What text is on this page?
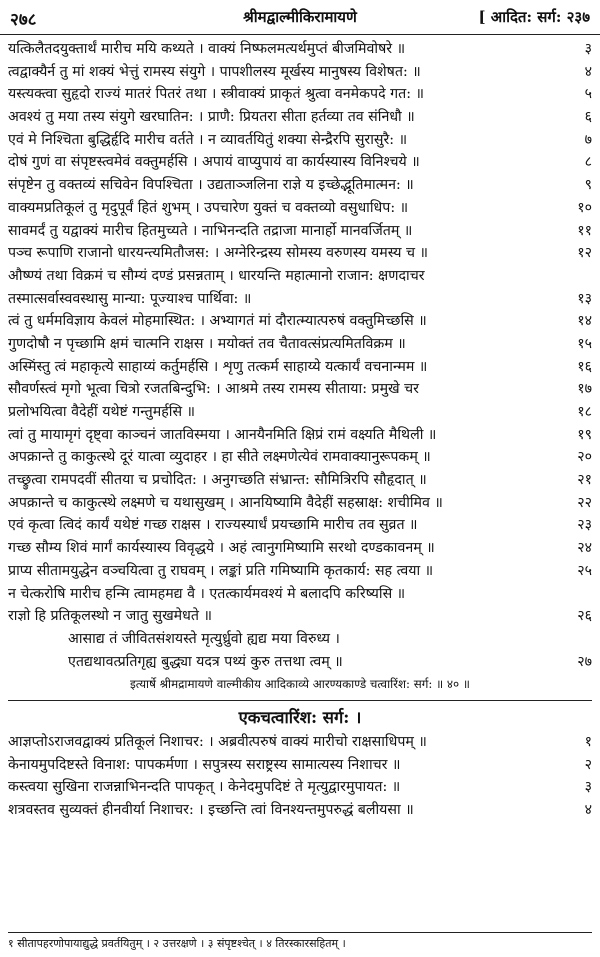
२७८	श्रीमद्वाल्मीकिरामायणे	[ आदित: सर्ग: २३७
यत्किलैतदयुक्तार्थं मारीच मयि कथ्यते । वाक्यं निष्फलमत्यर्थमुप्तं बीजमिवोषरे ॥	३
त्वद्वाक्यैर्न तु मां शक्यं भेत्तुं रामस्य संयुगे । पापशीलस्य मूर्खस्य मानुषस्य विशेषत: ॥	४
यस्त्यक्त्वा सुहृदो राज्यं मातरं पितरं तथा । स्त्रीवाक्यं प्राकृतं श्रुत्वा वनमेकपदे गत: ॥	५
अवश्यं तु मया तस्य संयुगे खरघातिन: । प्राणै: प्रियतरा सीता हर्तव्या तव संनिधौ ॥	६
एवं मे निश्चिता बुद्धिर्हृदि मारीच वर्तते । न व्यावर्तयितुं शक्या सेन्द्रैरपि सुरासुरै: ॥	७
दोषं गुणं वा संपृष्टस्त्वमेवं वक्तुमर्हसि । अपायं वाप्युपायं वा कार्यस्यास्य विनिश्चये ॥	८
संपृष्टेन तु वक्तव्यं सचिवेन विपश्चिता । उद्यताञ्जलिना राज्ञे य इच्छेद्भूतिमात्मन: ॥	९
वाक्यमप्रतिकूलं तु मृदुपूर्वं हितं शुभम् । उपचारेण युक्तं च वक्तव्यो वसुधाधिप: ॥	१०
सावमर्दं तु यद्वाक्यं मारीच हितमुच्यते । नाभिनन्दति तद्राजा मानार्हो मानवर्जितम् ॥	११
पञ्च रूपाणि राजानो धारयन्त्यमितौजस: । अग्नेरिन्द्रस्य सोमस्य वरुणस्य यमस्य च ॥	१२
औष्ण्यं तथा विक्रमं च सौम्यं दण्डं प्रसन्नताम् । धारयन्ति महात्मानो राजान: क्षणदाचर
तस्मात्सर्वास्ववस्थासु मान्या: पूज्याश्च पार्थिवा: ॥	१३
त्वं तु धर्ममविज्ञाय केवलं मोहमास्थित: । अभ्यागतं मां दौरात्म्यात्परुषं वक्तुमिच्छसि ॥	१४
गुणदोषौ न पृच्छामि क्षमं चात्मनि राक्षस । मयोक्तं तव चैतावत्संप्रत्यमितविक्रम ॥	१५
अस्मिंस्तु त्वं महाकृत्ये साहाय्यं कर्तुमर्हसि । शृणु तत्कर्म साहाय्ये यत्कार्यं वचनान्मम ॥	१६
सौवर्णस्त्वं मृगो भूत्वा चित्रो रजतबिन्दुभि: । आश्रमे तस्य रामस्य सीताया: प्रमुखे चर	१७
प्रलोभयित्वा वैदेहीं यथेष्टं गन्तुमर्हसि ॥	१८
त्वां तु मायामृगं दृष्ट्वा काञ्चनं जातविस्मया । आनयैनमिति क्षिप्रं रामं वक्ष्यति मैथिली ॥	१९
अपक्रान्ते तु काकुत्स्थे दूरं यात्वा व्युदाहर । हा सीते लक्ष्मणेत्येवं रामवाक्यानुरूपकम् ॥	२०
तच्छ्रुत्वा रामपदवीं सीतया च प्रचोदित: । अनुगच्छति संभ्रान्त: सौमित्रिरपि सौहृदात् ॥	२१
अपक्रान्ते च काकुत्स्थे लक्ष्मणे च यथासुखम् । आनयिष्यामि वैदेहीं सहस्राक्ष: शचीमिव ॥	२२
एवं कृत्वा त्विदं कार्यं यथेष्टं गच्छ राक्षस । राज्यस्यार्धं प्रयच्छामि मारीच तव सुव्रत ॥	२३
गच्छ सौम्य शिवं मार्गं कार्यस्यास्य विवृद्धये । अहं त्वानुगमिष्यामि सरथो दण्डकावनम् ॥	२४
प्राप्य सीतामयुद्धेन वञ्चयित्वा तु राघवम् । लङ्कां प्रति गमिष्यामि कृतकार्य: सह त्वया ॥	२५
न चेत्करोषि मारीच हन्मि त्वामहमद्य वै । एतत्कार्यमवश्यं मे बलादपि करिष्यसि ॥
राज्ञो हि प्रतिकूलस्थो न जातु सुखमेधते ॥	२६
आसाद्य तं जीवितसंशयस्ते मृत्युर्ध्रुवो ह्यद्य मया विरुध्य ।
एतद्यथावत्प्रतिगृह्य बुद्ध्या यदत्र पथ्यं कुरु तत्तथा त्वम् ॥	२७
इत्यार्षे श्रीमद्रामायणे वाल्मीकीय आदिकाव्ये आरण्यकाण्डे चत्वारिंश: सर्ग: ॥ ४० ॥
एकचत्वारिंश: सर्ग: ।
आज्ञप्तोऽराजवद्वाक्यं प्रतिकूलं निशाचर: । अब्रवीत्परुषं वाक्यं मारीचो राक्षसाधिपम् ॥	१
केनायमुपदिष्टस्ते विनाश: पापकर्मणा । सपुत्रस्य सराष्ट्रस्य सामात्यस्य निशाचर ॥	२
कस्त्वया सुखिना राजन्नाभिनन्दति पापकृत् । केनेदमुपदिष्टं ते मृत्युद्वारमुपायत: ॥	३
शत्रवस्तव सुव्यक्तं हीनवीर्या निशाचर: । इच्छन्ति त्वां विनश्यन्तमुपरुद्धं बलीयसा ॥	४
१ सीतापहरणोपायाद्युद्धे प्रवर्तयितुम् । २ उत्तरक्षणे । ३ संपृष्टश्चेत् । ४ तिरस्कारसहितम् ।
